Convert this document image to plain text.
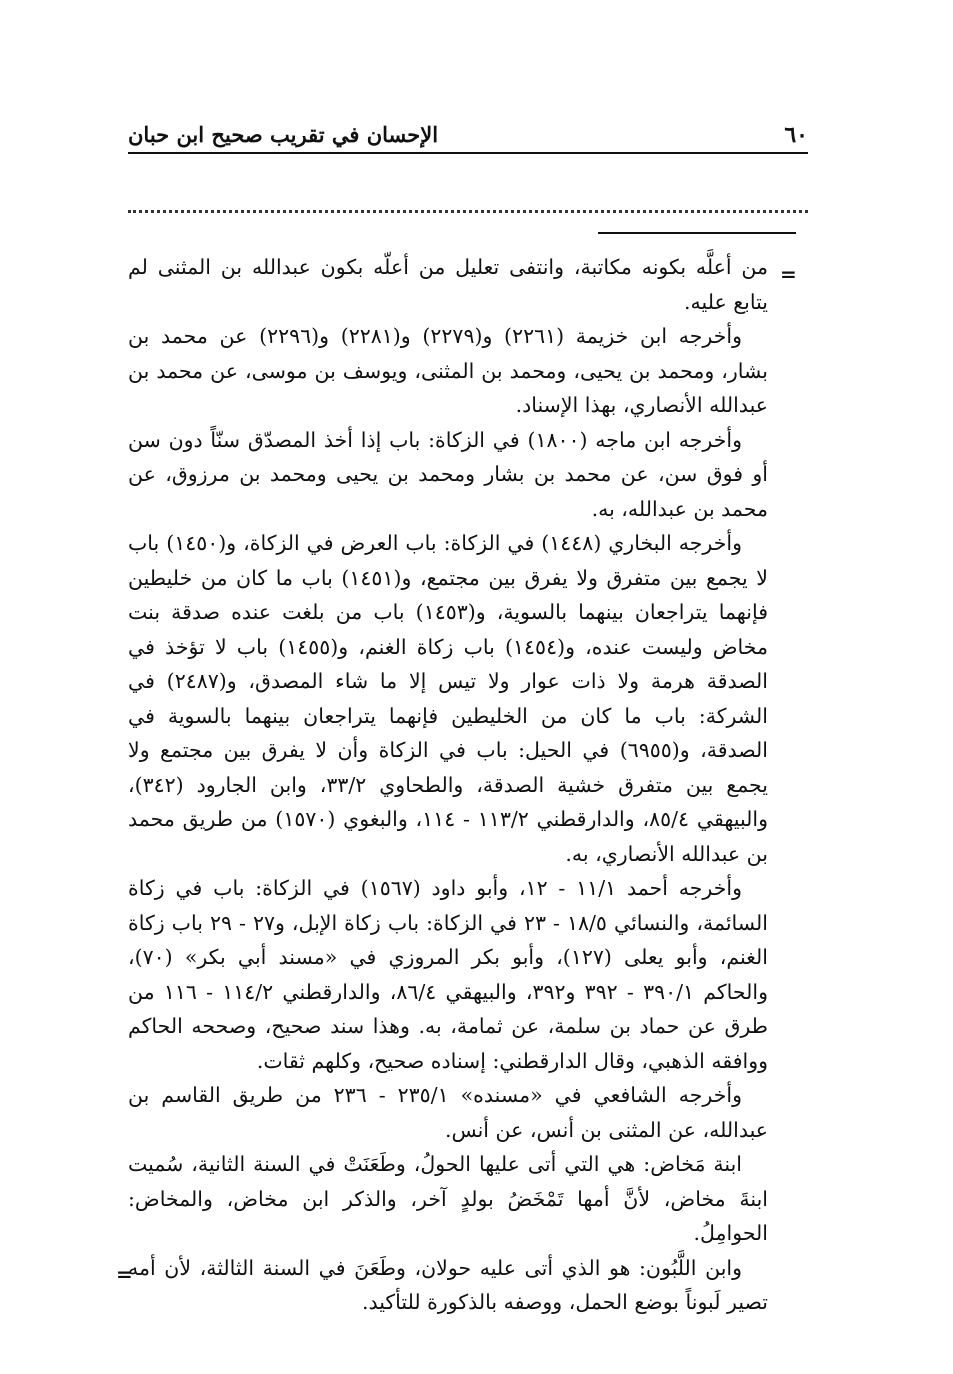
٦٠
الإحسان في تقريب صحيح ابن حبان
=

من أعلَّه بكونه مكاتبة، وانتفى تعليل من أعلّه بكون عبدالله بن المثنى لم يتابع عليه.

وأخرجه ابن خزيمة (٢٢٦١) و(٢٢٧٩) و(٢٢٨١) و(٢٢٩٦) عن محمد بن بشار، ومحمد بن يحيى، ومحمد بن المثنى، ويوسف بن موسى، عن محمد بن عبدالله الأنصاري، بهذا الإسناد.

وأخرجه ابن ماجه (١٨٠٠) في الزكاة: باب إذا أخذ المصدّق سنّاً دون سن أو فوق سن، عن محمد بن بشار ومحمد بن يحيى ومحمد بن مرزوق، عن محمد بن عبدالله، به.

وأخرجه البخاري (١٤٤٨) في الزكاة: باب العرض في الزكاة، و(١٤٥٠) باب لا يجمع بين متفرق ولا يفرق بين مجتمع، و(١٤٥١) باب ما كان من خليطين فإنهما يتراجعان بينهما بالسوية، و(١٤٥٣) باب من بلغت عنده صدقة بنت مخاض وليست عنده، و(١٤٥٤) باب زكاة الغنم، و(١٤٥٥) باب لا تؤخذ في الصدقة هرمة ولا ذات عوار ولا تيس إلا ما شاء المصدق، و(٢٤٨٧) في الشركة: باب ما كان من الخليطين فإنهما يتراجعان بينهما بالسوية في الصدقة، و(٦٩٥٥) في الحيل: باب في الزكاة وأن لا يفرق بين مجتمع ولا يجمع بين متفرق خشية الصدقة، والطحاوي ٣٣/٢، وابن الجارود (٣٤٢)، والبيهقي ٨٥/٤، والدارقطني ١١٣/٢ - ١١٤، والبغوي (١٥٧٠) من طريق محمد بن عبدالله الأنصاري، به.

وأخرجه أحمد ١١/١ - ١٢، وأبو داود (١٥٦٧) في الزكاة: باب في زكاة السائمة، والنسائي ١٨/٥ - ٢٣ في الزكاة: باب زكاة الإبل، و٢٧ - ٢٩ باب زكاة الغنم، وأبو يعلى (١٢٧)، وأبو بكر المروزي في «مسند أبي بكر» (٧٠)، والحاكم ٣٩٠/١ - ٣٩٢ و٣٩٢، والبيهقي ٨٦/٤، والدارقطني ١١٤/٢ - ١١٦ من طرق عن حماد بن سلمة، عن ثمامة، به. وهذا سند صحيح، وصححه الحاكم ووافقه الذهبي، وقال الدارقطني: إسناده صحيح، وكلهم ثقات.

وأخرجه الشافعي في «مسنده» ٢٣٥/١ - ٢٣٦ من طريق القاسم بن عبدالله، عن المثنى بن أنس، عن أنس.

ابنة مَخاض: هي التي أتى عليها الحولُ، وطَعَنَتْ في السنة الثانية، سُميت ابنةَ مخاض، لأنَّ أمها تَمْخَضُ بولدٍ آخر، والذكر ابن مخاض، والمخاض: الحوامِلُ.

وابن اللَّبُون: هو الذي أتى عليه حولان، وطَعَنَ في السنة الثالثة، لأن أمه تصير لَبوناً بوضع الحمل، ووصفه بالذكورة للتأكيد.

=
